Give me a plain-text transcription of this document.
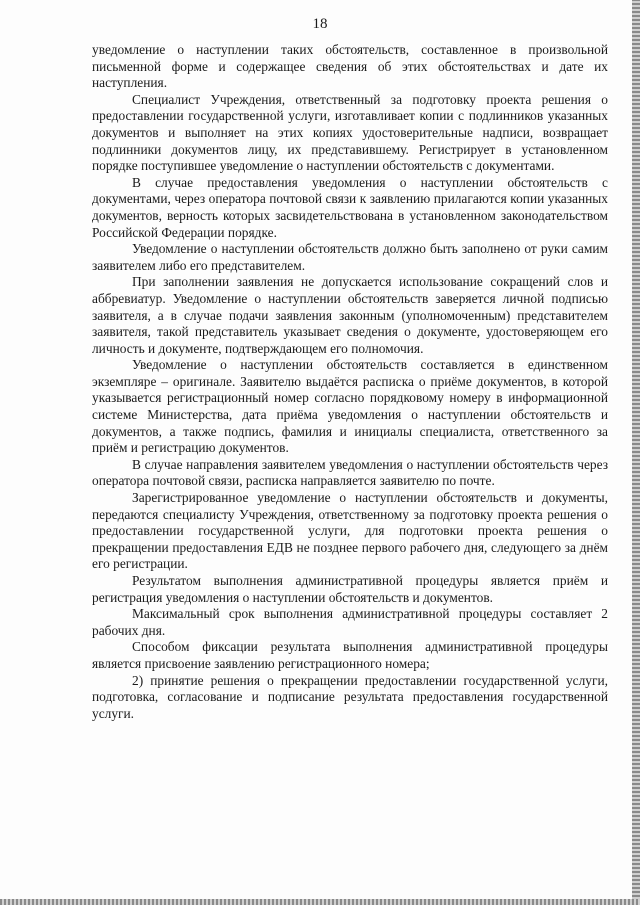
18

уведомление о наступлении таких обстоятельств, составленное в произвольной письменной форме и содержащее сведения об этих обстоятельствах и дате их наступления.

Специалист Учреждения, ответственный за подготовку проекта решения о предоставлении государственной услуги, изготавливает копии с подлинников указанных документов и выполняет на этих копиях удостоверительные надписи, возвращает подлинники документов лицу, их представившему. Регистрирует в установленном порядке поступившее уведомление о наступлении обстоятельств с документами.

В случае предоставления уведомления о наступлении обстоятельств с документами, через оператора почтовой связи к заявлению прилагаются копии указанных документов, верность которых засвидетельствована в установленном законодательством Российской Федерации порядке.

Уведомление о наступлении обстоятельств должно быть заполнено от руки самим заявителем либо его представителем.

При заполнении заявления не допускается использование сокращений слов и аббревиатур. Уведомление о наступлении обстоятельств заверяется личной подписью заявителя, а в случае подачи заявления законным (уполномоченным) представителем заявителя, такой представитель указывает сведения о документе, удостоверяющем его личность и документе, подтверждающем его полномочия.

Уведомление о наступлении обстоятельств составляется в единственном экземпляре – оригинале. Заявителю выдаётся расписка о приёме документов, в которой указывается регистрационный номер согласно порядковому номеру в информационной системе Министерства, дата приёма уведомления о наступлении обстоятельств и документов, а также подпись, фамилия и инициалы специалиста, ответственного за приём и регистрацию документов.

В случае направления заявителем уведомления о наступлении обстоятельств через оператора почтовой связи, расписка направляется заявителю по почте.

Зарегистрированное уведомление о наступлении обстоятельств и документы, передаются специалисту Учреждения, ответственному за подготовку проекта решения о предоставлении государственной услуги, для подготовки проекта решения о прекращении предоставления ЕДВ не позднее первого рабочего дня, следующего за днём его регистрации.

Результатом выполнения административной процедуры является приём и регистрация уведомления о наступлении обстоятельств и документов.

Максимальный срок выполнения административной процедуры составляет 2 рабочих дня.

Способом фиксации результата выполнения административной процедуры является присвоение заявлению регистрационного номера;

2) принятие решения о прекращении предоставлении государственной услуги, подготовка, согласование и подписание результата предоставления государственной услуги.
